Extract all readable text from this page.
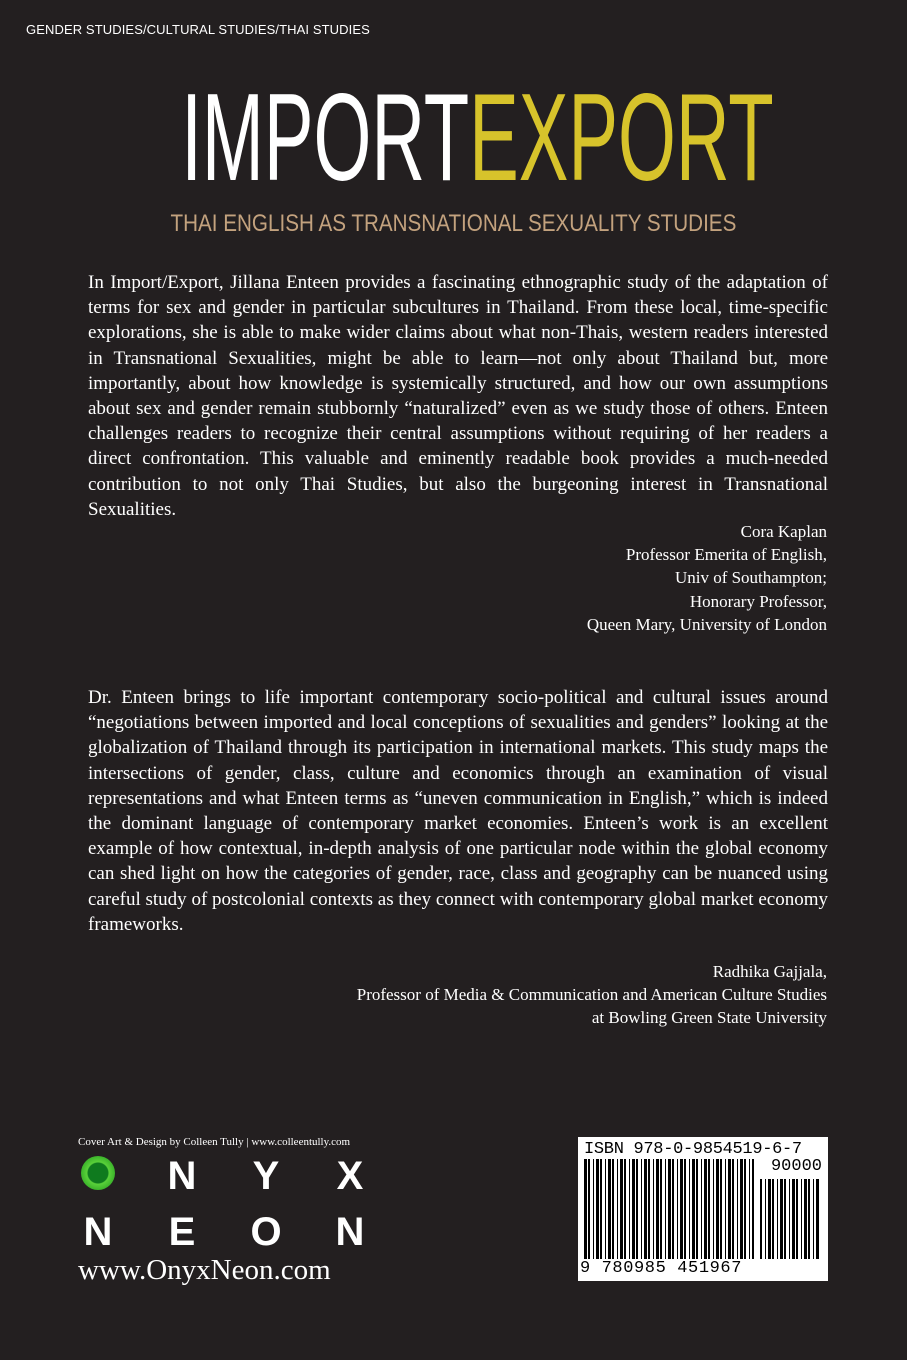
GENDER STUDIES/CULTURAL STUDIES/THAI STUDIES
IMPORTEXPORT
THAI ENGLISH AS TRANSNATIONAL SEXUALITY STUDIES

In Import/Export, Jillana Enteen provides a fascinating ethnographic study of the adaptation of terms for sex and gender in particular subcultures in Thailand. From these local, time-specific explorations, she is able to make wider claims about what non-Thais, western readers interested in Transnational Sexualities, might be able to learn—not only about Thailand but, more importantly, about how knowledge is systemically structured, and how our own assumptions about sex and gender remain stubbornly “naturalized” even as we study those of others. Enteen challenges readers to recognize their central assumptions without requiring of her readers a direct confrontation. This valuable and eminently readable book provides a much-needed contribution to not only Thai Studies, but also the burgeoning interest in Transnational Sexualities.

Cora Kaplan
Professor Emerita of English,
Univ of Southampton;
Honorary Professor,
Queen Mary, University of London

Dr. Enteen brings to life important contemporary socio-political and cultural issues around “negotiations between imported and local conceptions of sexualities and genders” looking at the globalization of Thailand through its participation in international markets. This study maps the intersections of gender, class, culture and economics through an examination of visual representations and what Enteen terms as “uneven communication in English,” which is indeed the dominant language of contemporary market economies. Enteen’s work is an excellent example of how contextual, in-depth analysis of one particular node within the global economy can shed light on how the categories of gender, race, class and geography can be nuanced using careful study of postcolonial contexts as they connect with contemporary global market economy frameworks.

Radhika Gajjala,
Professor of Media & Communication and American Culture Studies
at Bowling Green State University
Cover Art & Design by Colleen Tully | www.colleentully.com
N Y X
N E O N
www.OnyxNeon.com
ISBN 978-0-9854519-6-7
90000
9 780985 451967
